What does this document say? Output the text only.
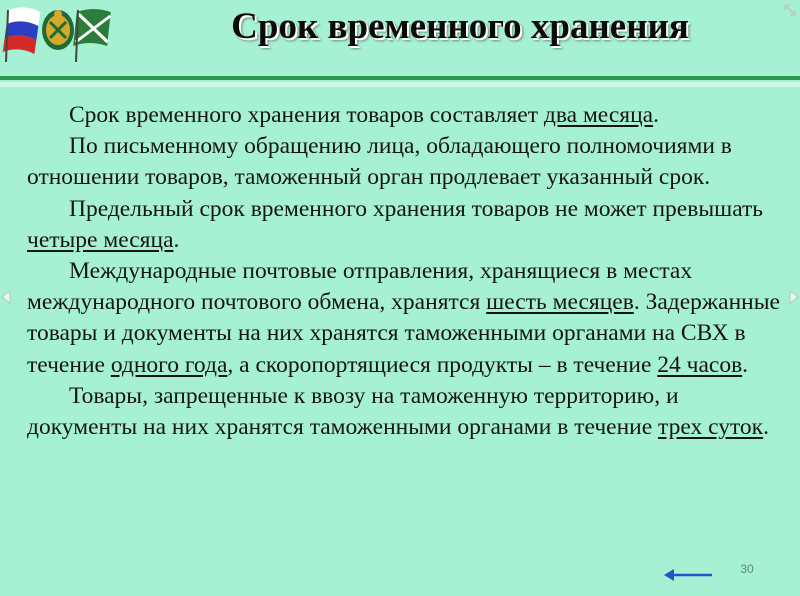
Срок временного хранения

Срок временного хранения товаров составляет два месяца.

По письменному обращению лица, обладающего полномочиями в отношении товаров, таможенный орган продлевает указанный срок.

Предельный срок временного хранения товаров не может превышать четыре месяца.

Международные почтовые отправления, хранящиеся в местах международного почтового обмена, хранятся шесть месяцев. Задержанные товары и документы на них хранятся таможенными органами на СВХ в течение одного года, а скоропортящиеся продукты – в течение 24 часов.

Товары, запрещенные к ввозу на таможенную территорию, и документы на них хранятся таможенными органами в течение трех суток.

30
